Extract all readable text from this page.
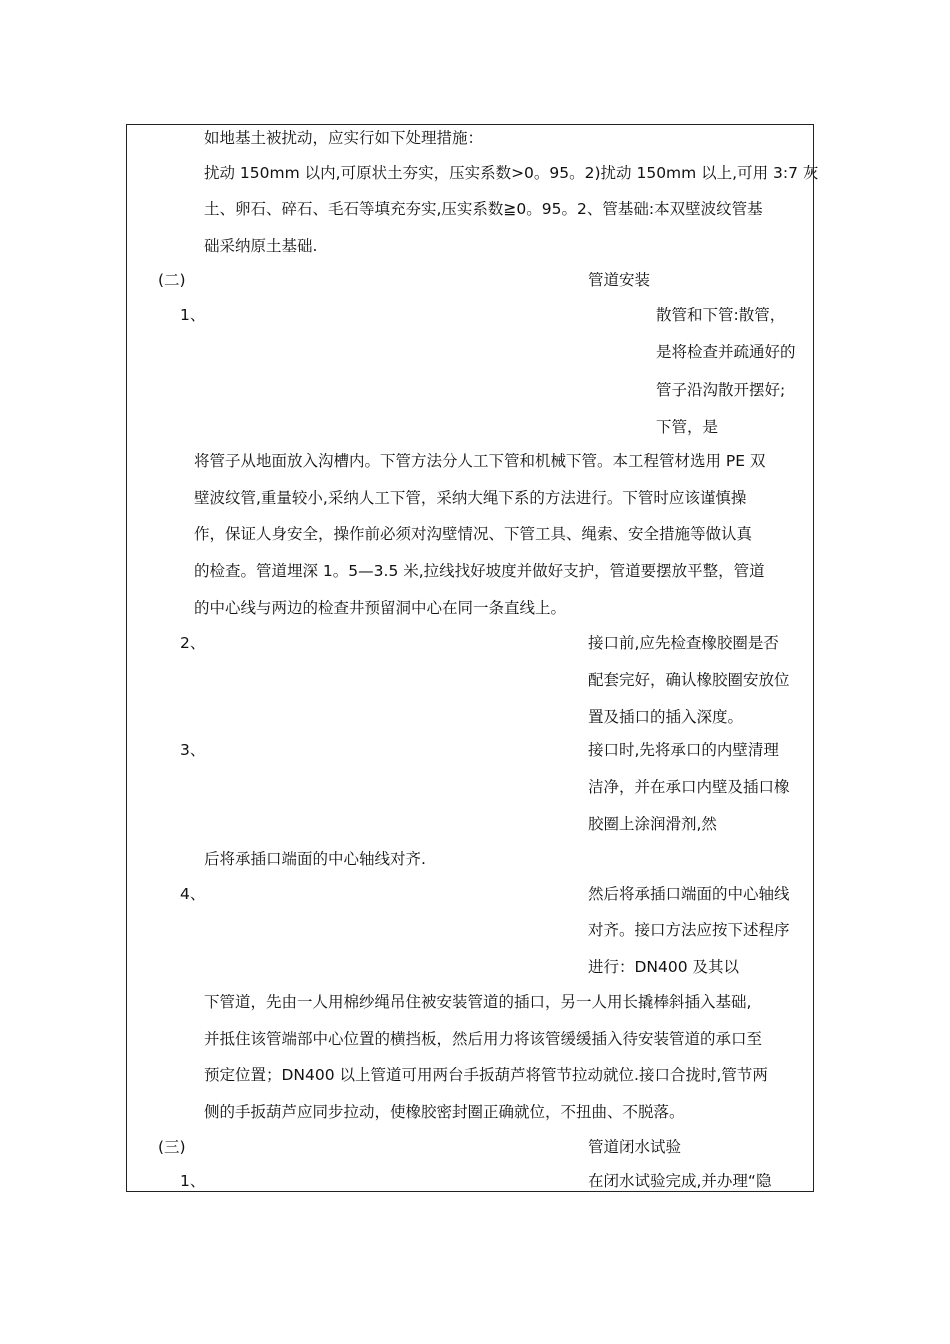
如地基土被扰动，应实行如下处理措施：
扰动 150mm 以内,可原状土夯实，压实系数>0。95。2)扰动 150mm 以上,可用 3:7 灰
土、卵石、碎石、毛石等填充夯实,压实系数≧0。95。2、管基础:本双壁波纹管基
础采纳原土基础.
(二)	管道安装
1、	散管和下管:散管，
是将检查并疏通好的
管子沿沟散开摆好;
下管，是
将管子从地面放入沟槽内。下管方法分人工下管和机械下管。本工程管材选用 PE 双
壁波纹管,重量较小,采纳人工下管，采纳大绳下系的方法进行。下管时应该谨慎操
作，保证人身安全，操作前必须对沟壁情况、下管工具、绳索、安全措施等做认真
的检查。管道埋深 1。5—3.5 米,拉线找好坡度并做好支护，管道要摆放平整，管道
的中心线与两边的检查井预留洞中心在同一条直线上。
2、	接口前,应先检查橡胶圈是否
配套完好，确认橡胶圈安放位
置及插口的插入深度。
3、	接口时,先将承口的内壁清理
洁净，并在承口内壁及插口橡
胶圈上涂润滑剂,然
后将承插口端面的中心轴线对齐.
4、	然后将承插口端面的中心轴线
对齐。接口方法应按下述程序
进行：DN400 及其以
下管道，先由一人用棉纱绳吊住被安装管道的插口，另一人用长撬棒斜插入基础,
并抵住该管端部中心位置的横挡板，然后用力将该管缓缓插入待安装管道的承口至
预定位置；DN400 以上管道可用两台手扳葫芦将管节拉动就位.接口合拢时,管节两
侧的手扳葫芦应同步拉动，使橡胶密封圈正确就位，不扭曲、不脱落。
(三)	管道闭水试验
1、	在闭水试验完成,并办理“隐
